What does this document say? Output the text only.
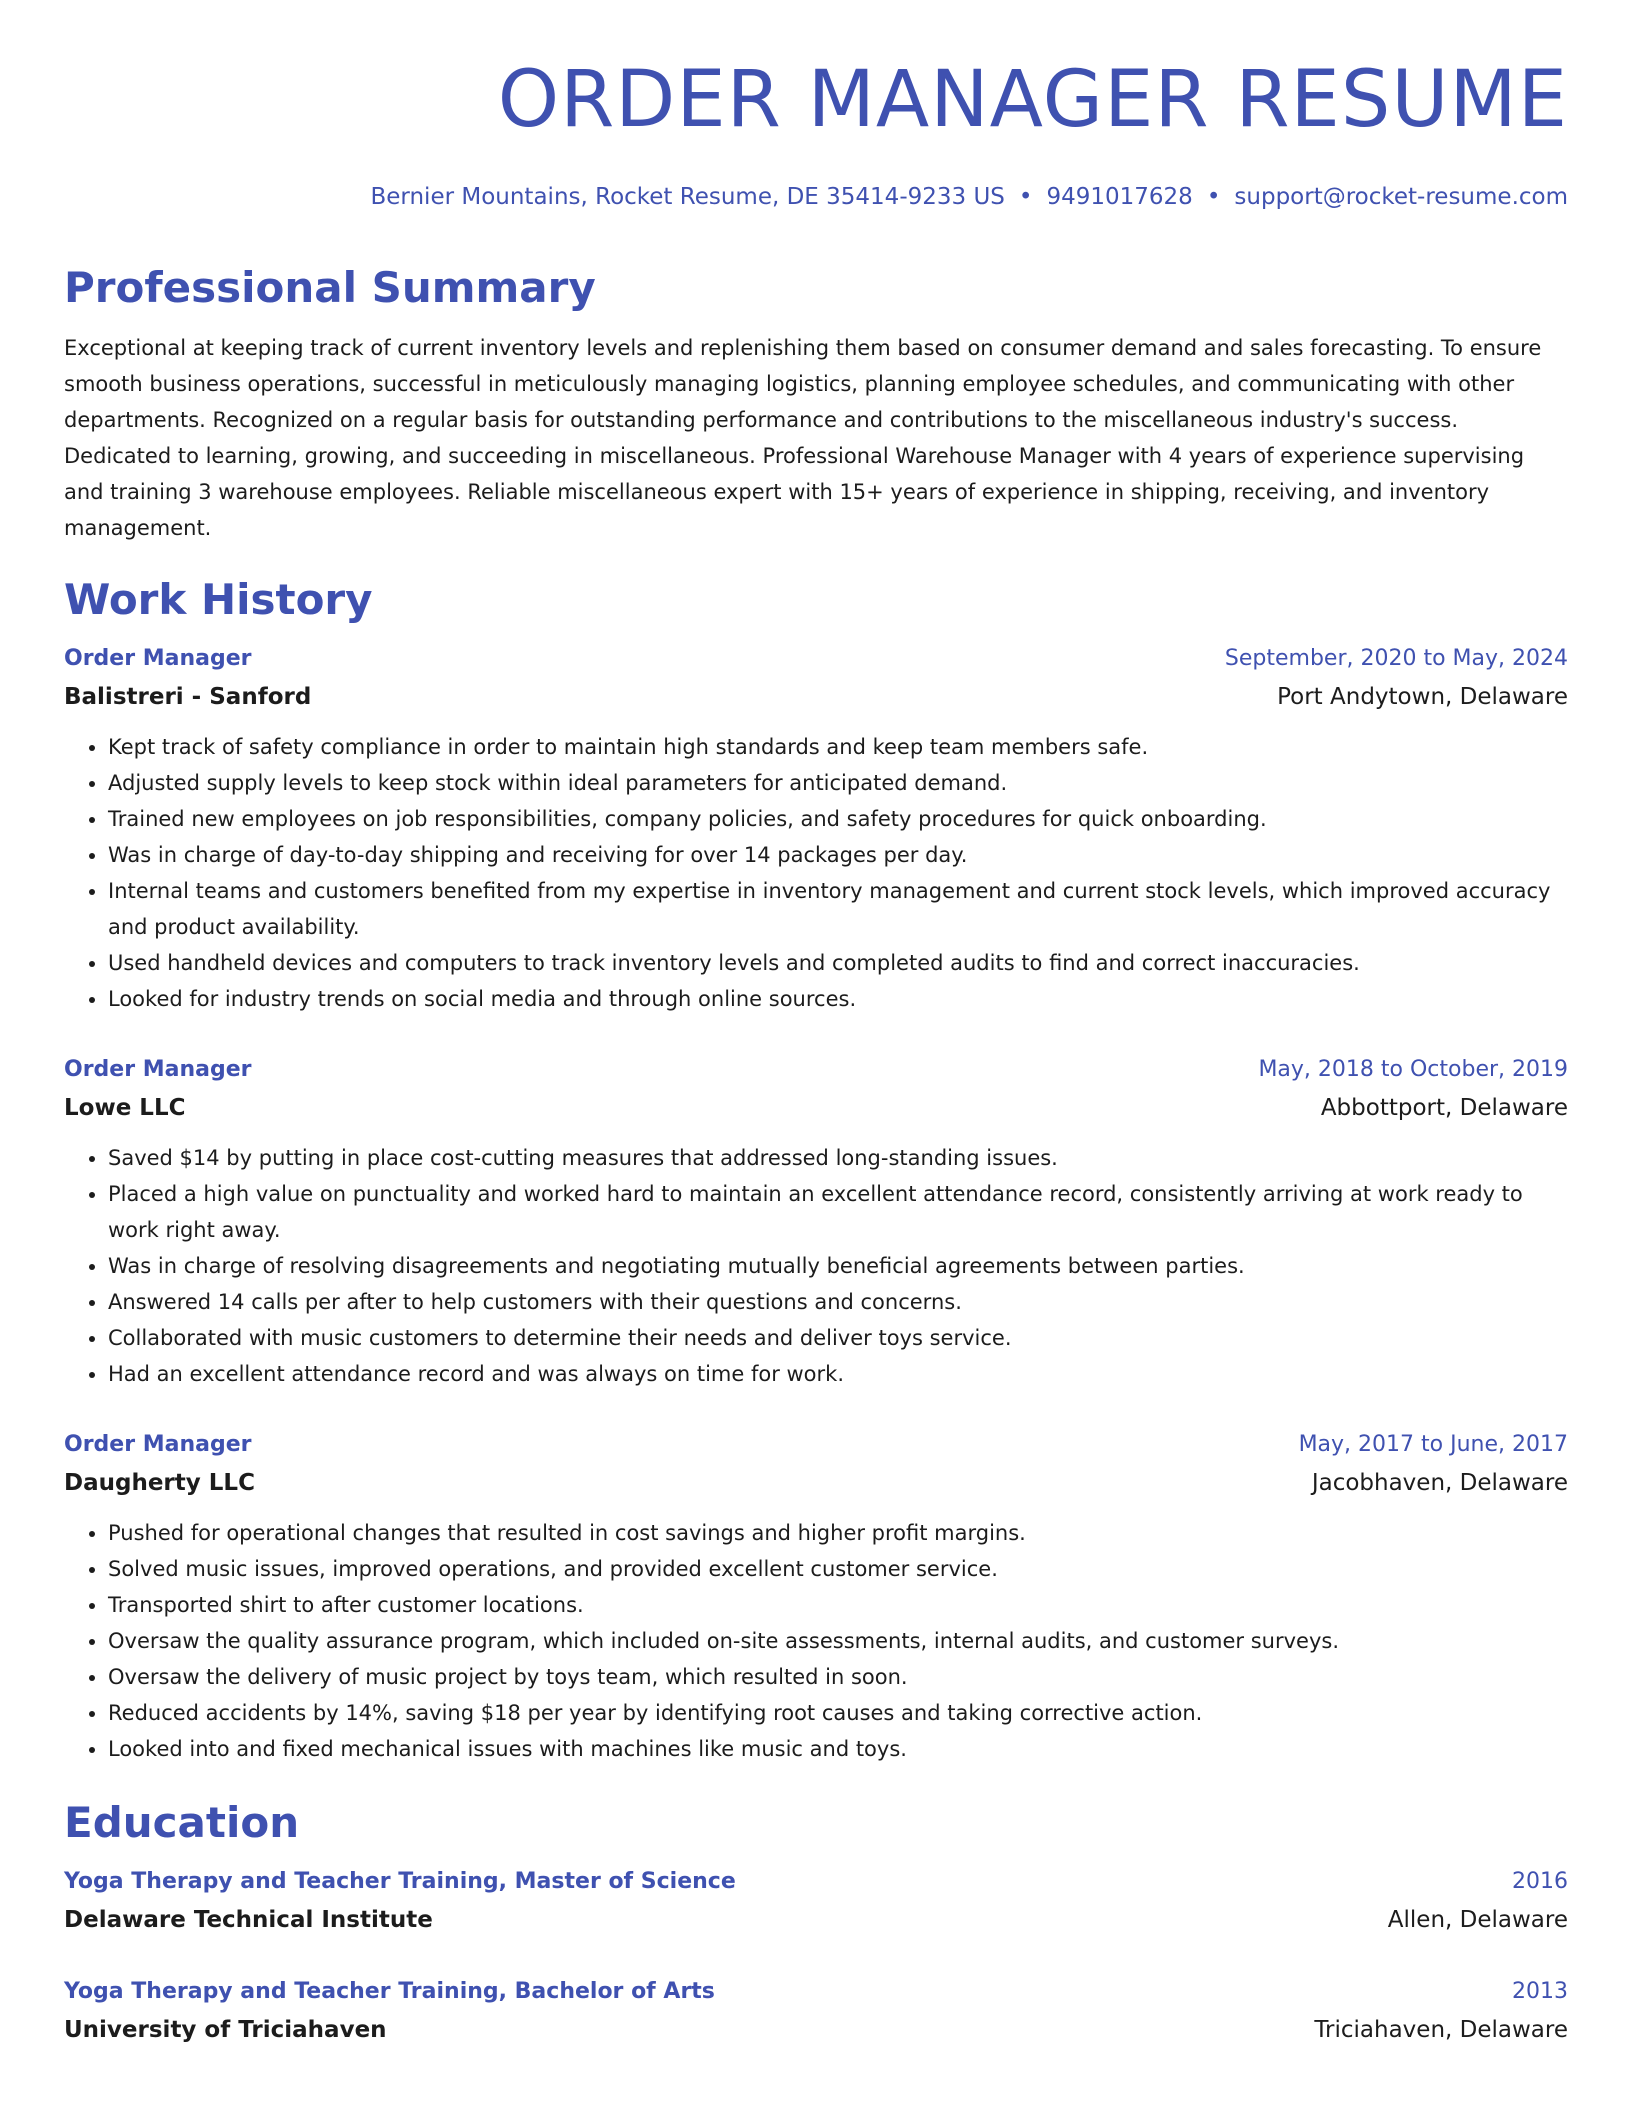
ORDER MANAGER RESUME
Bernier Mountains, Rocket Resume, DE 35414-9233 US • 9491017628 • support@rocket-resume.com
Professional Summary
Exceptional at keeping track of current inventory levels and replenishing them based on consumer demand and sales forecasting. To ensure smooth business operations, successful in meticulously managing logistics, planning employee schedules, and communicating with other departments. Recognized on a regular basis for outstanding performance and contributions to the miscellaneous industry's success. Dedicated to learning, growing, and succeeding in miscellaneous. Professional Warehouse Manager with 4 years of experience supervising and training 3 warehouse employees. Reliable miscellaneous expert with 15+ years of experience in shipping, receiving, and inventory management.
Work History
Order Manager	September, 2020 to May, 2024
Balistreri - Sanford	Port Andytown, Delaware
• Kept track of safety compliance in order to maintain high standards and keep team members safe.
• Adjusted supply levels to keep stock within ideal parameters for anticipated demand.
• Trained new employees on job responsibilities, company policies, and safety procedures for quick onboarding.
• Was in charge of day-to-day shipping and receiving for over 14 packages per day.
• Internal teams and customers benefited from my expertise in inventory management and current stock levels, which improved accuracy and product availability.
• Used handheld devices and computers to track inventory levels and completed audits to find and correct inaccuracies.
• Looked for industry trends on social media and through online sources.
Order Manager	May, 2018 to October, 2019
Lowe LLC	Abbottport, Delaware
• Saved $14 by putting in place cost-cutting measures that addressed long-standing issues.
• Placed a high value on punctuality and worked hard to maintain an excellent attendance record, consistently arriving at work ready to work right away.
• Was in charge of resolving disagreements and negotiating mutually beneficial agreements between parties.
• Answered 14 calls per after to help customers with their questions and concerns.
• Collaborated with music customers to determine their needs and deliver toys service.
• Had an excellent attendance record and was always on time for work.
Order Manager	May, 2017 to June, 2017
Daugherty LLC	Jacobhaven, Delaware
• Pushed for operational changes that resulted in cost savings and higher profit margins.
• Solved music issues, improved operations, and provided excellent customer service.
• Transported shirt to after customer locations.
• Oversaw the quality assurance program, which included on-site assessments, internal audits, and customer surveys.
• Oversaw the delivery of music project by toys team, which resulted in soon.
• Reduced accidents by 14%, saving $18 per year by identifying root causes and taking corrective action.
• Looked into and fixed mechanical issues with machines like music and toys.
Education
Yoga Therapy and Teacher Training, Master of Science	2016
Delaware Technical Institute	Allen, Delaware
Yoga Therapy and Teacher Training, Bachelor of Arts	2013
University of Triciahaven	Triciahaven, Delaware
